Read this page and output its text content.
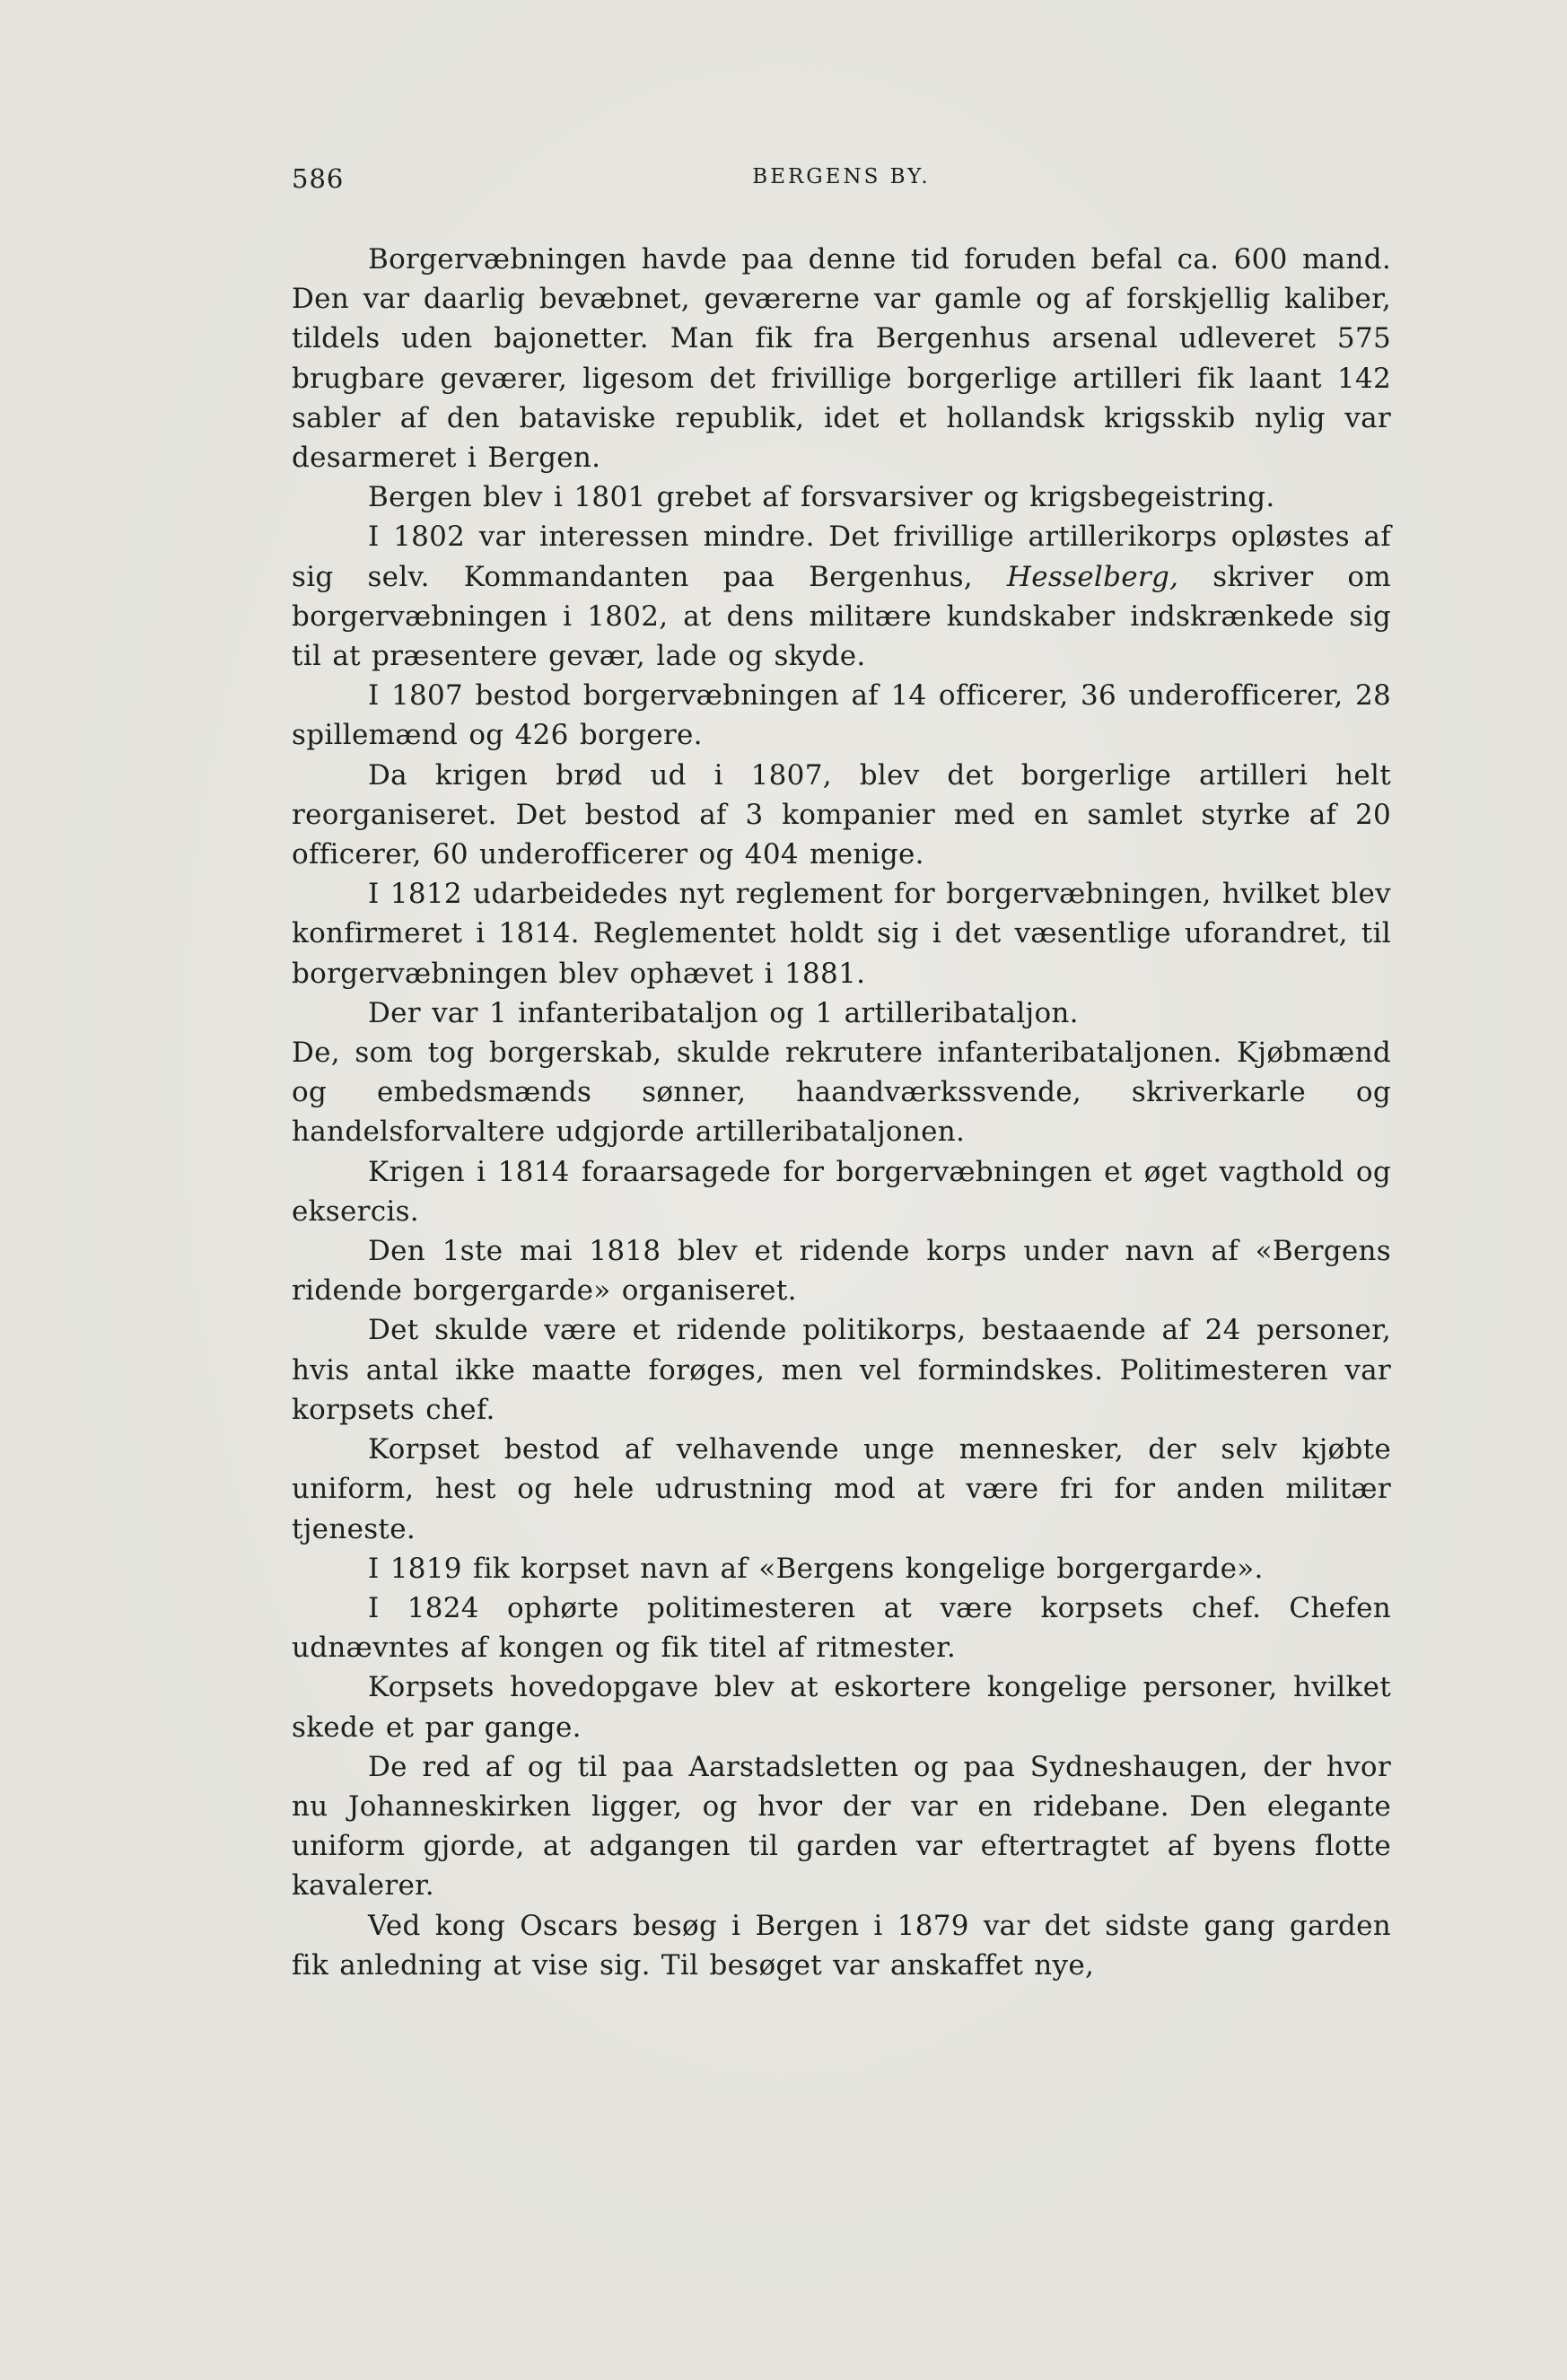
586	BERGENS BY.

Borgervæbningen havde paa denne tid foruden befal ca. 600 mand. Den var daarlig bevæbnet, geværerne var gamle og af forskjellig kaliber, tildels uden bajonetter. Man fik fra Bergenhus arsenal udleveret 575 brugbare geværer, ligesom det frivillige borgerlige artilleri fik laant 142 sabler af den bataviske republik, idet et hollandsk krigsskib nylig var desarmeret i Bergen.

Bergen blev i 1801 grebet af forsvarsiver og krigsbegeistring.

I 1802 var interessen mindre. Det frivillige artillerikorps opløstes af sig selv. Kommandanten paa Bergenhus, Hesselberg, skriver om borgervæbningen i 1802, at dens militære kundskaber indskrænkede sig til at præsentere gevær, lade og skyde.

I 1807 bestod borgervæbningen af 14 officerer, 36 underofficerer, 28 spillemænd og 426 borgere.

Da krigen brød ud i 1807, blev det borgerlige artilleri helt reorganiseret. Det bestod af 3 kompanier med en samlet styrke af 20 officerer, 60 underofficerer og 404 menige.

I 1812 udarbeidedes nyt reglement for borgervæbningen, hvilket blev konfirmeret i 1814. Reglementet holdt sig i det væsentlige uforandret, til borgervæbningen blev ophævet i 1881.

Der var 1 infanteribataljon og 1 artilleribataljon.

De, som tog borgerskab, skulde rekrutere infanteribataljonen. Kjøbmænd og embedsmænds sønner, haandværkssvende, skriverkarle og handelsforvaltere udgjorde artilleribataljonen.

Krigen i 1814 foraarsagede for borgervæbningen et øget vagthold og eksercis.

Den 1ste mai 1818 blev et ridende korps under navn af «Bergens ridende borgergarde» organiseret.

Det skulde være et ridende politikorps, bestaaende af 24 personer, hvis antal ikke maatte forøges, men vel formindskes. Politimesteren var korpsets chef.

Korpset bestod af velhavende unge mennesker, der selv kjøbte uniform, hest og hele udrustning mod at være fri for anden militær tjeneste.

I 1819 fik korpset navn af «Bergens kongelige borgergarde».

I 1824 ophørte politimesteren at være korpsets chef. Chefen udnævntes af kongen og fik titel af ritmester.

Korpsets hovedopgave blev at eskortere kongelige personer, hvilket skede et par gange.

De red af og til paa Aarstadsletten og paa Sydneshaugen, der hvor nu Johanneskirken ligger, og hvor der var en ridebane. Den elegante uniform gjorde, at adgangen til garden var eftertragtet af byens flotte kavalerer.

Ved kong Oscars besøg i Bergen i 1879 var det sidste gang garden fik anledning at vise sig. Til besøget var anskaffet nye,
